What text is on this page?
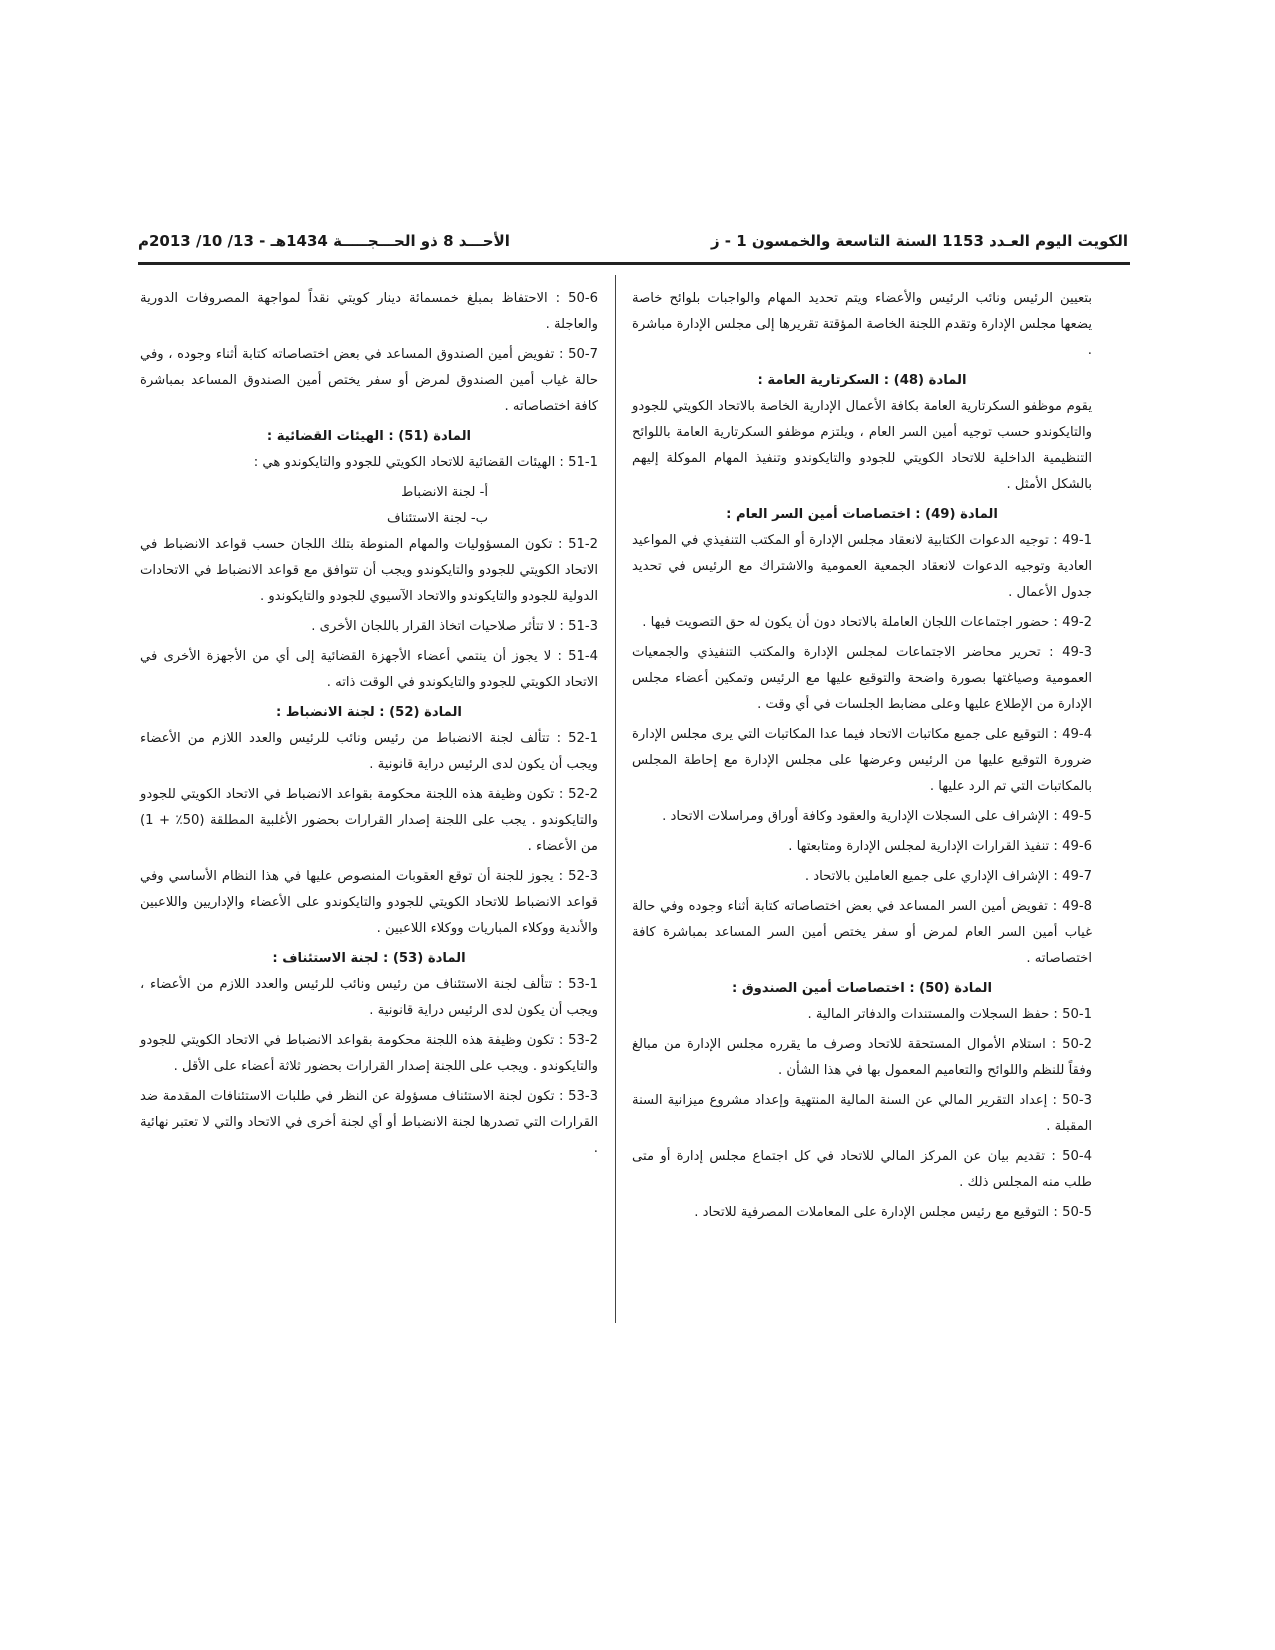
الكويت اليوم العـدد 1153 السنة التاسعة والخمسون 1 - ز
الأحـــد 8 ذو الحـــجـــــة 1434هـ - 13/ 10/ 2013م

بتعيين الرئيس ونائب الرئيس والأعضاء ويتم تحديد المهام والواجبات بلوائح خاصة يضعها مجلس الإدارة وتقدم اللجنة الخاصة المؤقتة تقريرها إلى مجلس الإدارة مباشرة .

المادة (48) : السكرتارية العامة :

يقوم موظفو السكرتارية العامة بكافة الأعمال الإدارية الخاصة بالاتحاد الكويتي للجودو والتايكوندو حسب توجيه أمين السر العام ، ويلتزم موظفو السكرتارية العامة باللوائح التنظيمية الداخلية للاتحاد الكويتي للجودو والتايكوندو وتنفيذ المهام الموكلة إليهم بالشكل الأمثل .

المادة (49) : اختصاصات أمين السر العام :

49-1 : توجيه الدعوات الكتابية لانعقاد مجلس الإدارة أو المكتب التنفيذي في المواعيد العادية وتوجيه الدعوات لانعقاد الجمعية العمومية والاشتراك مع الرئيس في تحديد جدول الأعمال .

49-2 : حضور اجتماعات اللجان العاملة بالاتحاد دون أن يكون له حق التصويت فيها .

49-3 : تحرير محاضر الاجتماعات لمجلس الإدارة والمكتب التنفيذي والجمعيات العمومية وصياغتها بصورة واضحة والتوقيع عليها مع الرئيس وتمكين أعضاء مجلس الإدارة من الإطلاع عليها وعلى مضابط الجلسات في أي وقت .

49-4 : التوقيع على جميع مكاتبات الاتحاد فيما عدا المكاتبات التي يرى مجلس الإدارة ضرورة التوقيع عليها من الرئيس وعرضها على مجلس الإدارة مع إحاطة المجلس بالمكاتبات التي تم الرد عليها .

49-5 : الإشراف على السجلات الإدارية والعقود وكافة أوراق ومراسلات الاتحاد .

49-6 : تنفيذ القرارات الإدارية لمجلس الإدارة ومتابعتها .

49-7 : الإشراف الإداري على جميع العاملين بالاتحاد .

49-8 : تفويض أمين السر المساعد في بعض اختصاصاته كتابة أثناء وجوده وفي حالة غياب أمين السر العام لمرض أو سفر يختص أمين السر المساعد بمباشرة كافة اختصاصاته .

المادة (50) : اختصاصات أمين الصندوق :

50-1 : حفظ السجلات والمستندات والدفاتر المالية .

50-2 : استلام الأموال المستحقة للاتحاد وصرف ما يقرره مجلس الإدارة من مبالغ وفقاً للنظم واللوائح والتعاميم المعمول بها في هذا الشأن .

50-3 : إعداد التقرير المالي عن السنة المالية المنتهية وإعداد مشروع ميزانية السنة المقبلة .

50-4 : تقديم بيان عن المركز المالي للاتحاد في كل اجتماع مجلس إدارة أو متى طلب منه المجلس ذلك .

50-5 : التوقيع مع رئيس مجلس الإدارة على المعاملات المصرفية للاتحاد .

50-6 : الاحتفاظ بمبلغ خمسمائة دينار كويتي نقداً لمواجهة المصروفات الدورية والعاجلة .

50-7 : تفويض أمين الصندوق المساعد في بعض اختصاصاته كتابة أثناء وجوده ، وفي حالة غياب أمين الصندوق لمرض أو سفر يختص أمين الصندوق المساعد بمباشرة كافة اختصاصاته .

المادة (51) : الهيئات القضائية :

51-1 : الهيئات القضائية للاتحاد الكويتي للجودو والتايكوندو هي :

أ- لجنة الانضباط

ب- لجنة الاستئناف

51-2 : تكون المسؤوليات والمهام المنوطة بتلك اللجان حسب قواعد الانضباط في الاتحاد الكويتي للجودو والتايكوندو ويجب أن تتوافق مع قواعد الانضباط في الاتحادات الدولية للجودو والتايكوندو والاتحاد الآسيوي للجودو والتايكوندو .

51-3 : لا تتأثر صلاحيات اتخاذ القرار باللجان الأخرى .

51-4 : لا يجوز أن ينتمي أعضاء الأجهزة القضائية إلى أي من الأجهزة الأخرى في الاتحاد الكويتي للجودو والتايكوندو في الوقت ذاته .

المادة (52) : لجنة الانضباط :

52-1 : تتألف لجنة الانضباط من رئيس ونائب للرئيس والعدد اللازم من الأعضاء ويجب أن يكون لدى الرئيس دراية قانونية .

52-2 : تكون وظيفة هذه اللجنة محكومة بقواعد الانضباط في الاتحاد الكويتي للجودو والتايكوندو . يجب على اللجنة إصدار القرارات بحضور الأغلبية المطلقة (50٪ + 1) من الأعضاء .

52-3 : يجوز للجنة أن توقع العقوبات المنصوص عليها في هذا النظام الأساسي وفي قواعد الانضباط للاتحاد الكويتي للجودو والتايكوندو على الأعضاء والإداريين واللاعبين والأندية ووكلاء المباريات ووكلاء اللاعبين .

المادة (53) : لجنة الاستئناف :

53-1 : تتألف لجنة الاستئناف من رئيس ونائب للرئيس والعدد اللازم من الأعضاء ، ويجب أن يكون لدى الرئيس دراية قانونية .

53-2 : تكون وظيفة هذه اللجنة محكومة بقواعد الانضباط في الاتحاد الكويتي للجودو والتايكوندو . ويجب على اللجنة إصدار القرارات بحضور ثلاثة أعضاء على الأقل .

53-3 : تكون لجنة الاستئناف مسؤولة عن النظر في طلبات الاستئنافات المقدمة ضد القرارات التي تصدرها لجنة الانضباط أو أي لجنة أخرى في الاتحاد والتي لا تعتبر نهائية .
